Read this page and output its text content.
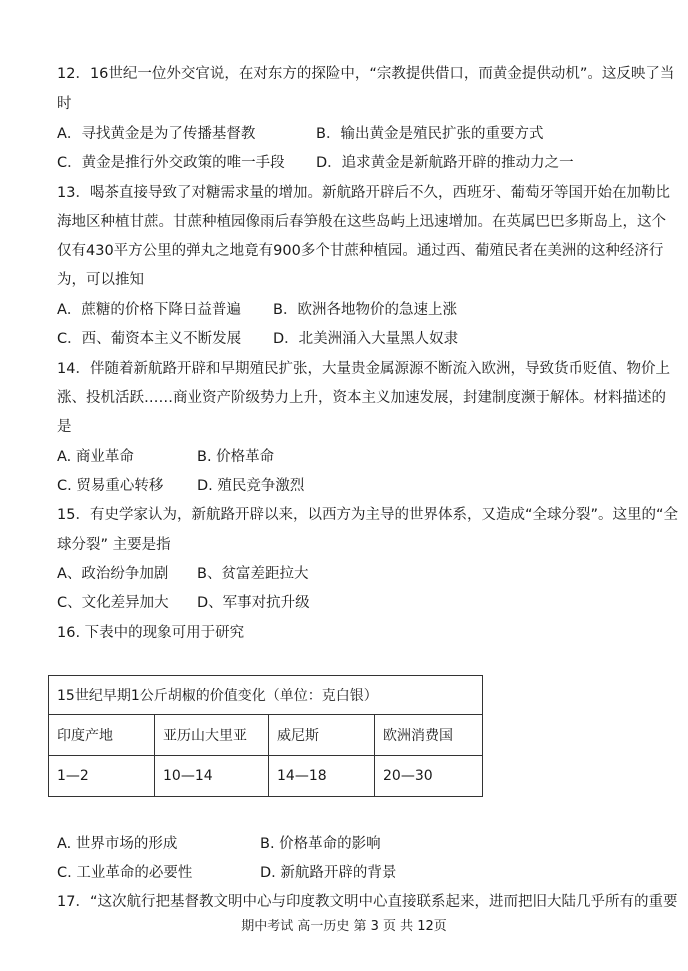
12．16世纪一位外交官说，在对东方的探险中，“宗教提供借口，而黄金提供动机”。这反映了当
时
A．寻找黄金是为了传播基督教	B．输出黄金是殖民扩张的重要方式
C．黄金是推行外交政策的唯一手段 D．追求黄金是新航路开辟的推动力之一
13．喝茶直接导致了对糖需求量的增加。新航路开辟后不久，西班牙、葡萄牙等国开始在加勒比
海地区种植甘蔗。甘蔗种植园像雨后春笋般在这些岛屿上迅速增加。在英属巴巴多斯岛上，这个
仅有430平方公里的弹丸之地竟有900多个甘蔗种植园。通过西、葡殖民者在美洲的这种经济行
为，可以推知
A．蔗糖的价格下降日益普遍 B．欧洲各地物价的急速上涨
C．西、葡资本主义不断发展 D．北美洲涌入大量黑人奴隶
14．伴随着新航路开辟和早期殖民扩张，大量贵金属源源不断流入欧洲，导致货币贬值、物价上
涨、投机活跃……商业资产阶级势力上升，资本主义加速发展，封建制度濒于解体。材料描述的
是
A. 商业革命	B. 价格革命
C. 贸易重心转移 D. 殖民竞争激烈
15．有史学家认为，新航路开辟以来，以西方为主导的世界体系，又造成“全球分裂”。这里的“全
球分裂” 主要是指
A、政治纷争加剧 B、贫富差距拉大
C、文化差异加大 D、军事对抗升级
16. 下表中的现象可用于研究
15世纪早期1公斤胡椒的价值变化（单位：克白银）			
印度产地	亚历山大里亚	威尼斯	欧洲消费国
1—2	10—14	14—18	20—30
A. 世界市场的形成	B. 价格革命的影响
C. 工业革命的必要性	D. 新航路开辟的背景
17．“这次航行把基督教文明中心与印度教文明中心直接联系起来，进而把旧大陆几乎所有的重要
期中考试 高一历史 第 3 页 共 12页
